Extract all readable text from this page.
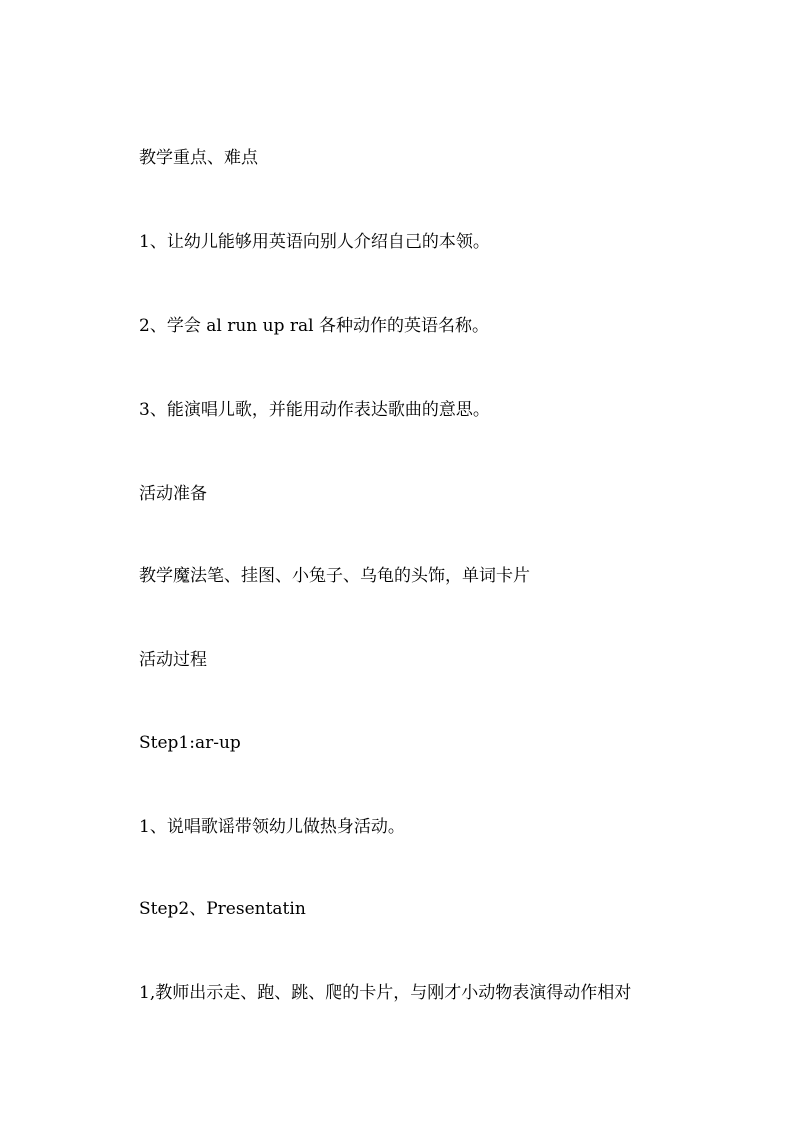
教学重点、难点
1、让幼儿能够用英语向别人介绍自己的本领。
2、学会 al run up ral 各种动作的英语名称。
3、能演唱儿歌，并能用动作表达歌曲的意思。
活动准备
教学魔法笔、挂图、小兔子、乌龟的头饰，单词卡片
活动过程
Step1:ar-up
1、说唱歌谣带领幼儿做热身活动。
Step2、Presentatin
1,教师出示走、跑、跳、爬的卡片，与刚才小动物表演得动作相对
